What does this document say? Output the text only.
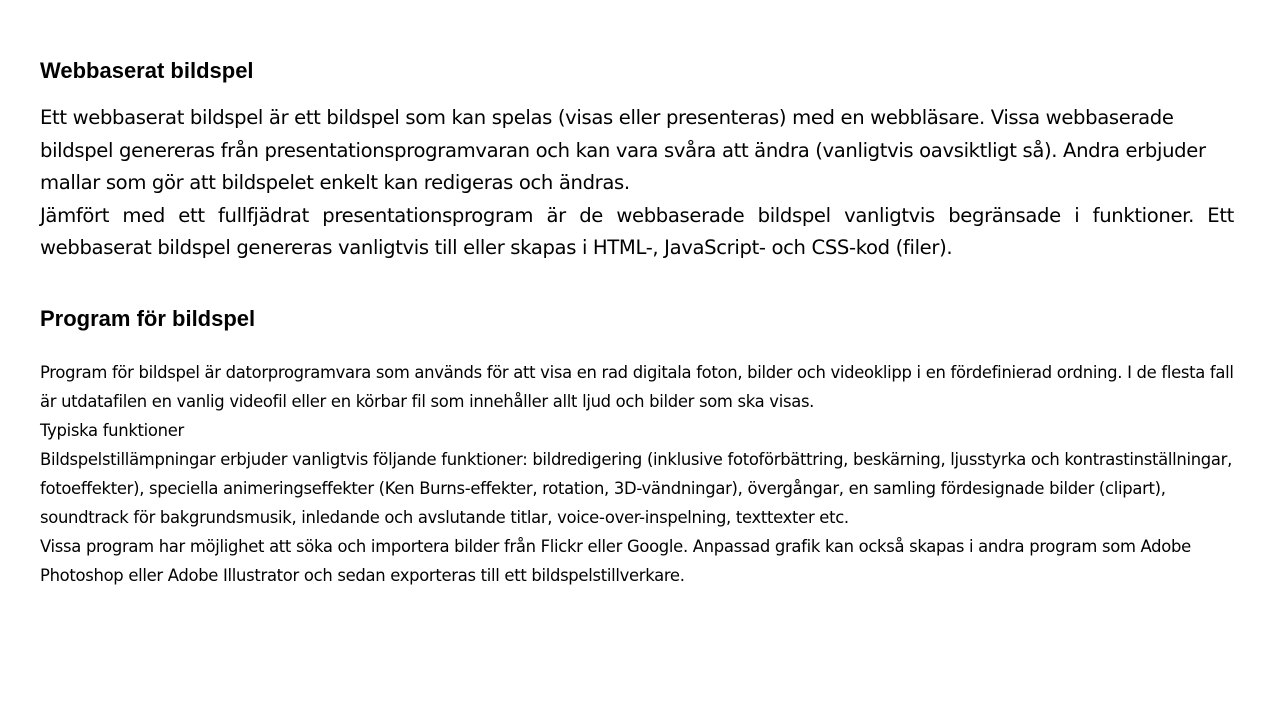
Webbaserat bildspel

Ett webbaserat bildspel är ett bildspel som kan spelas (visas eller presenteras) med en webbläsare. Vissa webbaserade bildspel genereras från presentationsprogramvaran och kan vara svåra att ändra (vanligtvis oavsiktligt så). Andra erbjuder mallar som gör att bildspelet enkelt kan redigeras och ändras.

Jämfört med ett fullfjädrat presentationsprogram är de webbaserade bildspel vanligtvis begränsade i funktioner. Ett webbaserat bildspel genereras vanligtvis till eller skapas i HTML-, JavaScript- och CSS-kod (filer).

Program för bildspel

Program för bildspel är datorprogramvara som används för att visa en rad digitala foton, bilder och videoklipp i en fördefinierad ordning. I de flesta fall är utdatafilen en vanlig videofil eller en körbar fil som innehåller allt ljud och bilder som ska visas.

Typiska funktioner

Bildspelstillämpningar erbjuder vanligtvis följande funktioner: bildredigering (inklusive fotoförbättring, beskärning, ljusstyrka och kontrastinställningar, fotoeffekter), speciella animeringseffekter (Ken Burns-effekter, rotation, 3D-vändningar), övergångar, en samling fördesignade bilder (clipart), soundtrack för bakgrundsmusik, inledande och avslutande titlar, voice-over-inspelning, texttexter etc.

Vissa program har möjlighet att söka och importera bilder från Flickr eller Google. Anpassad grafik kan också skapas i andra program som Adobe Photoshop eller Adobe Illustrator och sedan exporteras till ett bildspelstillverkare.
